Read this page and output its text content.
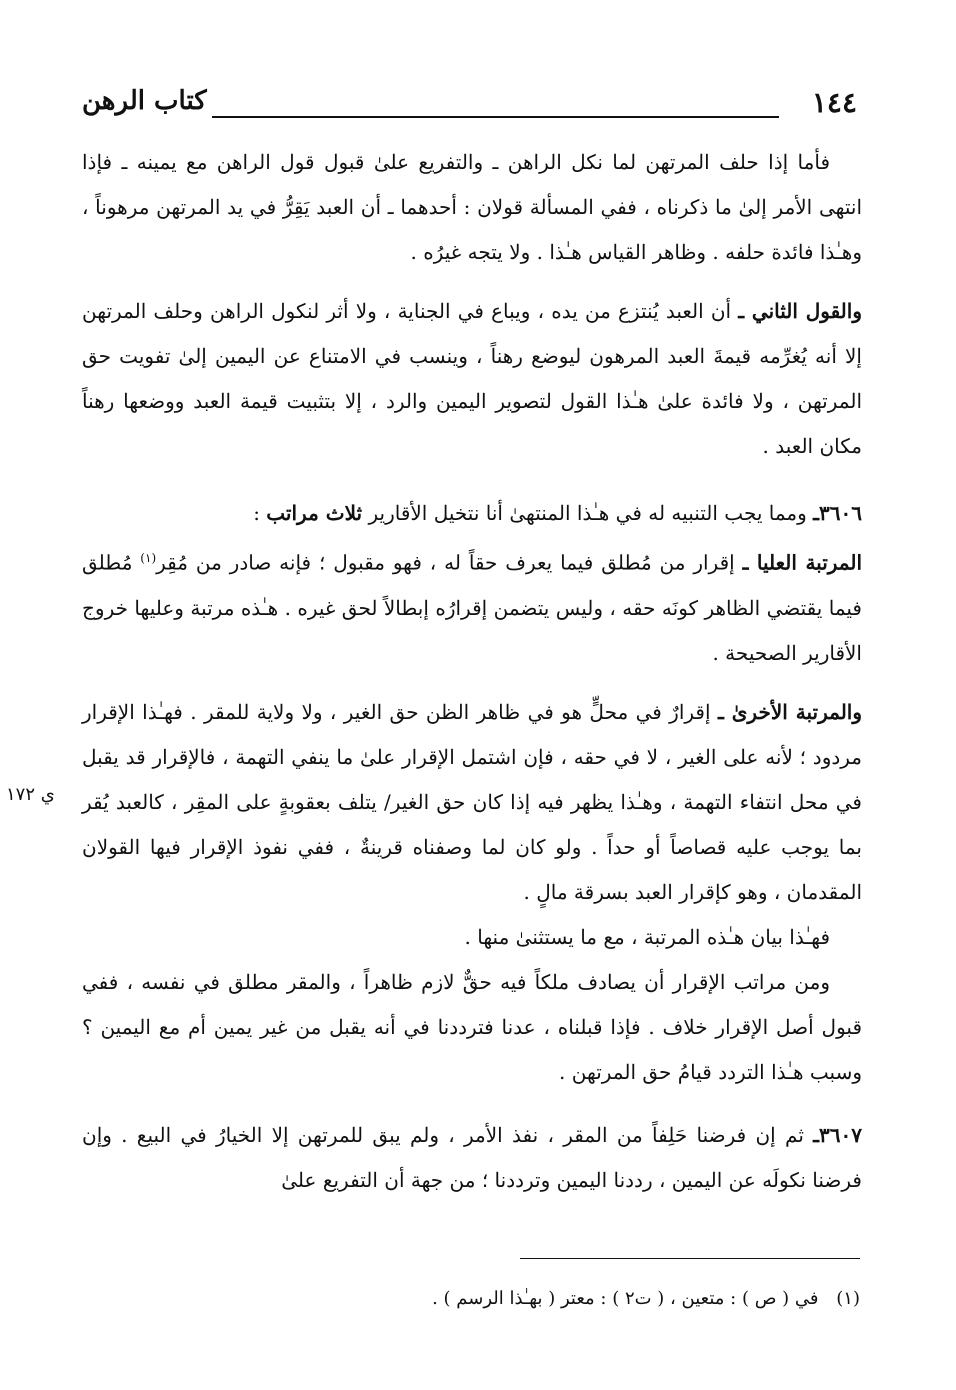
١٤٤
كتاب الرهن
ي ١٧٢

فأما إذا حلف المرتهن لما نكل الراهن ـ والتفريع علىٰ قبول قول الراهن مع يمينه ـ فإذا انتهى الأمر إلىٰ ما ذكرناه ، ففي المسألة قولان : أحدهما ـ أن العبد يَقِرُّ في يد المرتهن مرهوناً ، وهـٰذا فائدة حلفه . وظاهر القياس هـٰذا . ولا يتجه غيرُه .

والقول الثاني ـ أن العبد يُنتزع من يده ، ويباع في الجناية ، ولا أثر لنكول الراهن وحلف المرتهن إلا أنه يُغرِّمه قيمةَ العبد المرهون ليوضع رهناً ، وينسب في الامتناع عن اليمين إلىٰ تفويت حق المرتهن ، ولا فائدة علىٰ هـٰذا القول لتصوير اليمين والرد ، إلا بتثبيت قيمة العبد ووضعها رهناً مكان العبد .

٣٦٠٦ـ ومما يجب التنبيه له في هـٰذا المنتهىٰ أنا نتخيل الأقارير ثلاث مراتب :

المرتبة العليا ـ إقرار من مُطلق فيما يعرف حقاً له ، فهو مقبول ؛ فإنه صادر من مُقِر$^{(١)}$ مُطلق فيما يقتضي الظاهر كونَه حقه ، وليس يتضمن إقرارُه إبطالاً لحق غيره . هـٰذه مرتبة وعليها خروج الأقارير الصحيحة .

والمرتبة الأخرىٰ ـ إقرارٌ في محلٍّ هو في ظاهر الظن حق الغير ، ولا ولاية للمقر . فهـٰذا الإقرار مردود ؛ لأنه على الغير ، لا في حقه ، فإن اشتمل الإقرار علىٰ ما ينفي التهمة ، فالإقرار قد يقبل في محل انتفاء التهمة ، وهـٰذا يظهر فيه إذا كان حق الغير/ يتلف بعقوبةٍ على المقِر ، كالعبد يُقر بما يوجب عليه قصاصاً أو حداً . ولو كان لما وصفناه قرينةٌ ، ففي نفوذ الإقرار فيها القولان المقدمان ، وهو كإقرار العبد بسرقة مالٍ .

فهـٰذا بيان هـٰذه المرتبة ، مع ما يستثنىٰ منها .

ومن مراتب الإقرار أن يصادف ملكاً فيه حقٌّ لازم ظاهراً ، والمقر مطلق في نفسه ، ففي قبول أصل الإقرار خلاف . فإذا قبلناه ، عدنا فترددنا في أنه يقبل من غير يمين أم مع اليمين ؟ وسبب هـٰذا التردد قيامُ حق المرتهن .

٣٦٠٧ـ ثم إن فرضنا حَلِفاً من المقر ، نفذ الأمر ، ولم يبق للمرتهن إلا الخيارُ في البيع . وإن فرضنا نكولَه عن اليمين ، رددنا اليمين وترددنا ؛ من جهة أن التفريع علىٰ

(١) في ( ص ) : متعين ، ( ت٢ ) : معتر ( بهـٰذا الرسم ) .
